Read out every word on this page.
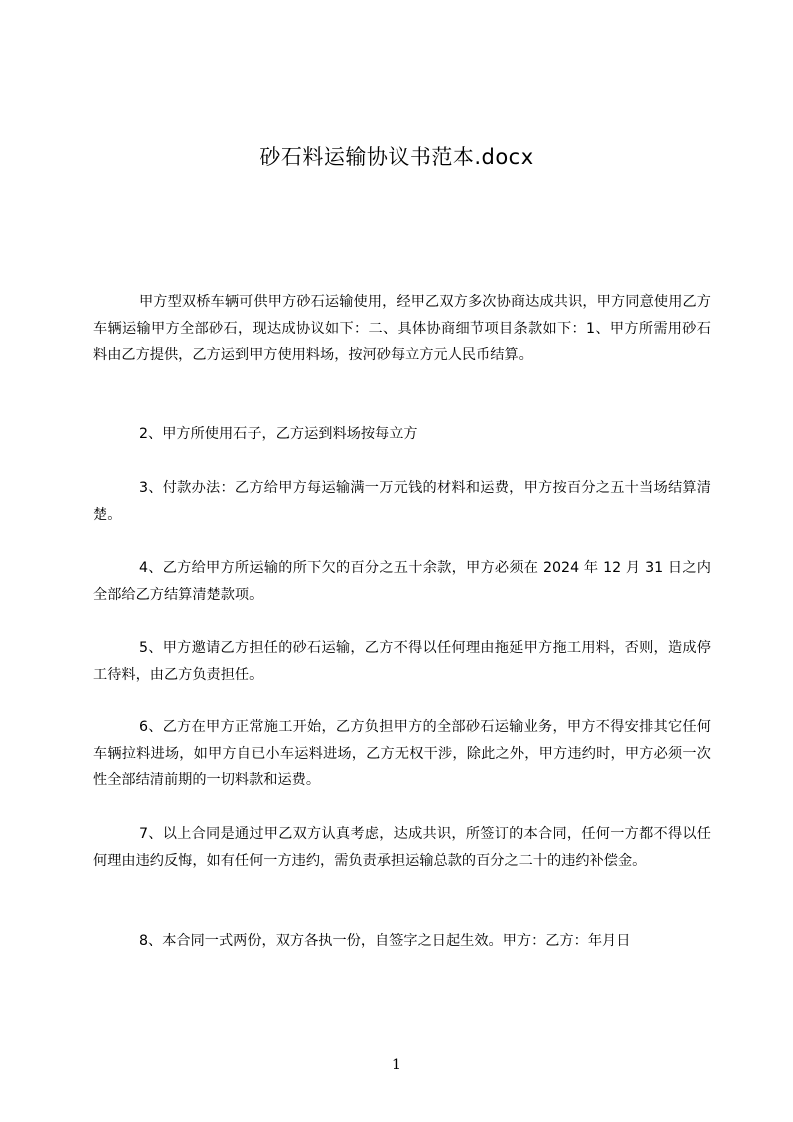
砂石料运输协议书范本.docx

甲方型双桥车辆可供甲方砂石运输使用，经甲乙双方多次协商达成共识，甲方同意使用乙方车辆运输甲方全部砂石，现达成协议如下：二、具体协商细节项目条款如下：1、甲方所需用砂石料由乙方提供，乙方运到甲方使用料场，按河砂每立方元人民币结算。

2、甲方所使用石子，乙方运到料场按每立方

3、付款办法：乙方给甲方每运输满一万元钱的材料和运费，甲方按百分之五十当场结算清楚。

4、乙方给甲方所运输的所下欠的百分之五十余款，甲方必须在 2024 年 12 月 31 日之内全部给乙方结算清楚款项。

5、甲方邀请乙方担任的砂石运输，乙方不得以任何理由拖延甲方拖工用料，否则，造成停工待料，由乙方负责担任。

6、乙方在甲方正常施工开始，乙方负担甲方的全部砂石运输业务，甲方不得安排其它任何车辆拉料进场，如甲方自已小车运料进场，乙方无权干涉，除此之外，甲方违约时，甲方必须一次性全部结清前期的一切料款和运费。

7、以上合同是通过甲乙双方认真考虑，达成共识，所签订的本合同，任何一方都不得以任何理由违约反悔，如有任何一方违约，需负责承担运输总款的百分之二十的违约补偿金。

8、本合同一式两份，双方各执一份，自签字之日起生效。甲方：乙方：年月日

1
